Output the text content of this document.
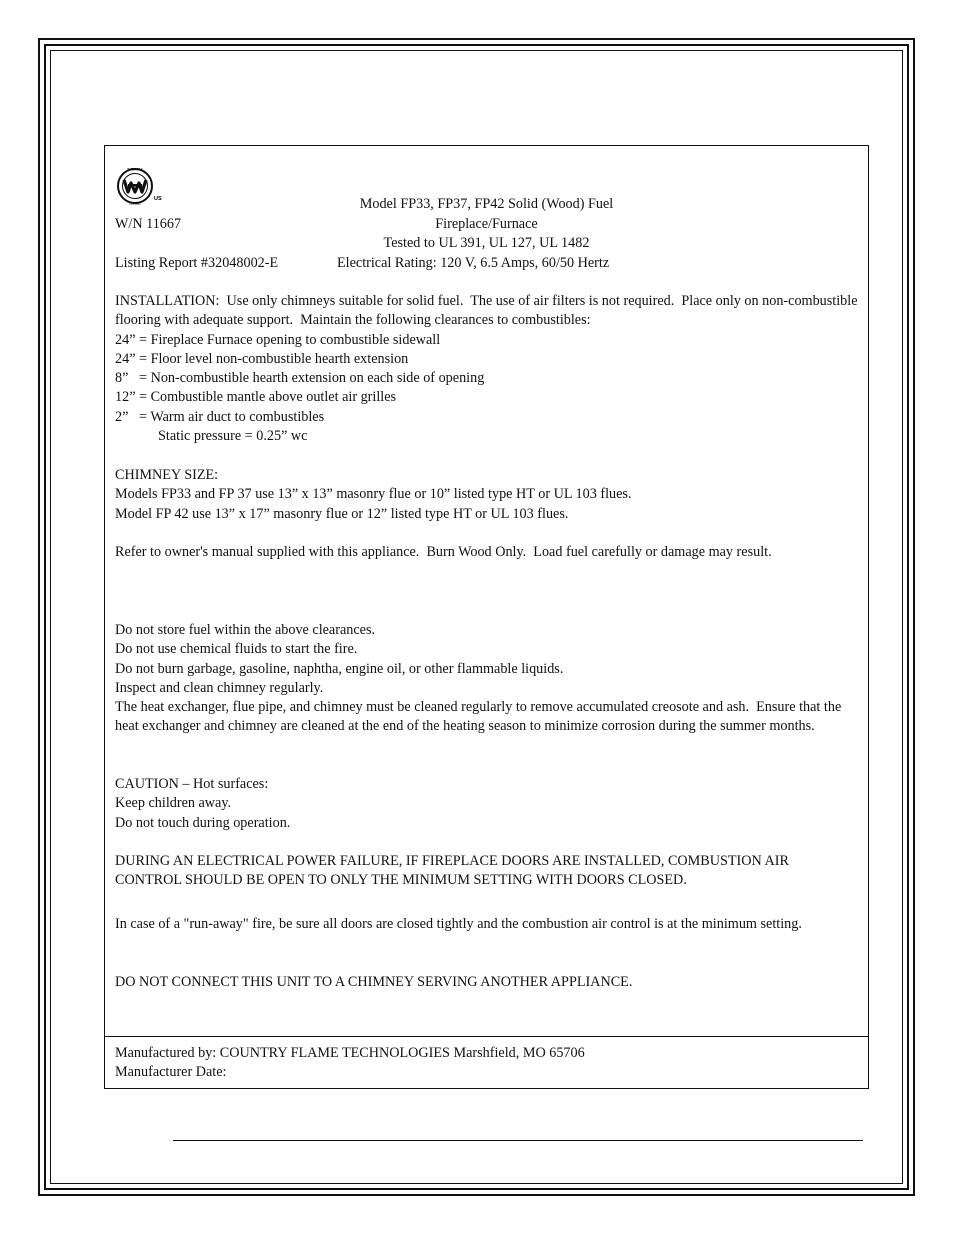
INTERTEK
LISTED
US	Model FP33, FP37, FP42 Solid (Wood) Fuel
W/N 11667	Fireplace/Furnace
Tested to UL 391, UL 127, UL 1482
Listing Report #32048002-E	Electrical Rating: 120 V, 6.5 Amps, 60/50 Hertz

INSTALLATION:  Use only chimneys suitable for solid fuel.  The use of air filters is not required.  Place only on non-combustible flooring with adequate support.  Maintain the following clearances to combustibles:

24” = Fireplace Furnace opening to combustible sidewall

24” = Floor level non-combustible hearth extension

8”   = Non-combustible hearth extension on each side of opening

12” = Combustible mantle above outlet air grilles

2”   = Warm air duct to combustibles

Static pressure = 0.25” wc

CHIMNEY SIZE:

Models FP33 and FP 37 use 13” x 13” masonry flue or 10” listed type HT or UL 103 flues.

Model FP 42 use 13” x 17” masonry flue or 12” listed type HT or UL 103 flues.

Refer to owner's manual supplied with this appliance.  Burn Wood Only.  Load fuel carefully or damage may result.

Do not store fuel within the above clearances.

Do not use chemical fluids to start the fire.

Do not burn garbage, gasoline, naphtha, engine oil, or other flammable liquids.

Inspect and clean chimney regularly.

The heat exchanger, flue pipe, and chimney must be cleaned regularly to remove accumulated creosote and ash.  Ensure that the heat exchanger and chimney are cleaned at the end of the heating season to minimize corrosion during the summer months.

CAUTION – Hot surfaces:

Keep children away.

Do not touch during operation.

DURING AN ELECTRICAL POWER FAILURE, IF FIREPLACE DOORS ARE INSTALLED, COMBUSTION AIR CONTROL SHOULD BE OPEN TO ONLY THE MINIMUM SETTING WITH DOORS CLOSED.

In case of a "run-away" fire, be sure all doors are closed tightly and the combustion air control is at the minimum setting.

DO NOT CONNECT THIS UNIT TO A CHIMNEY SERVING ANOTHER APPLIANCE.

Manufactured by: COUNTRY FLAME TECHNOLOGIES Marshfield, MO 65706

Manufacturer Date:
